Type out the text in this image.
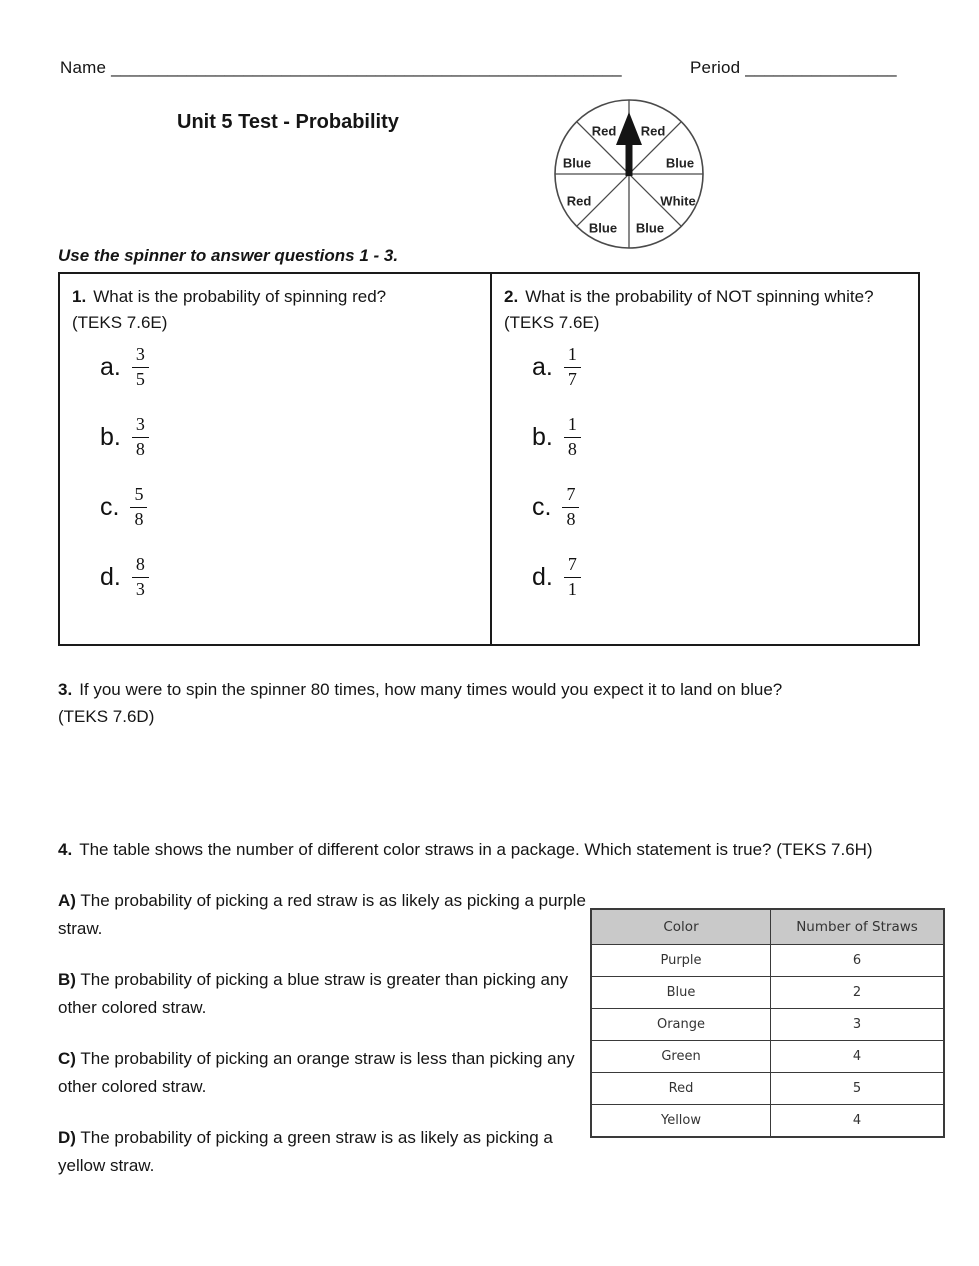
Name ______________________________________________________	Period ________________
Unit 5 Test - Probability	Red Red
Blue	Blue
Red	White
Blue Blue
Use the spinner to answer questions 1 - 3.
1. What is the probability of spinning red?
(TEKS 7.6E)
a. $\frac{3}{5}$
b. $\frac{3}{8}$
c. $\frac{5}{8}$
d. $\frac{8}{3}$
2. What is the probability of NOT spinning white?
(TEKS 7.6E)
a. $\frac{1}{7}$
b. $\frac{1}{8}$
c. $\frac{7}{8}$
d. $\frac{7}{1}$
3. If you were to spin the spinner 80 times, how many times would you expect it to land on blue?
(TEKS 7.6D)
4. The table shows the number of different color straws in a package. Which statement is true? (TEKS 7.6H)
A) The probability of picking a red straw is as likely as picking a purple straw.
B) The probability of picking a blue straw is greater than picking any other colored straw.
C) The probability of picking an orange straw is less than picking any other colored straw.
D) The probability of picking a green straw is as likely as picking a yellow straw.
Color	Number of Straws
Purple	6
Blue	2
Orange	3
Green	4
Red	5
Yellow	4
